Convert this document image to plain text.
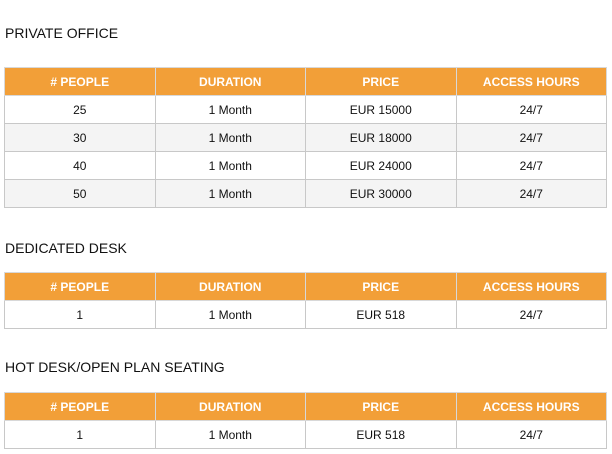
PRIVATE OFFICE
# PEOPLE	DURATION	PRICE	ACCESS HOURS
25	1 Month	EUR 15000	24/7
30	1 Month	EUR 18000	24/7
40	1 Month	EUR 24000	24/7
50	1 Month	EUR 30000	24/7
DEDICATED DESK
# PEOPLE	DURATION	PRICE	ACCESS HOURS
1	1 Month	EUR 518	24/7
HOT DESK/OPEN PLAN SEATING
# PEOPLE	DURATION	PRICE	ACCESS HOURS
1	1 Month	EUR 518	24/7
